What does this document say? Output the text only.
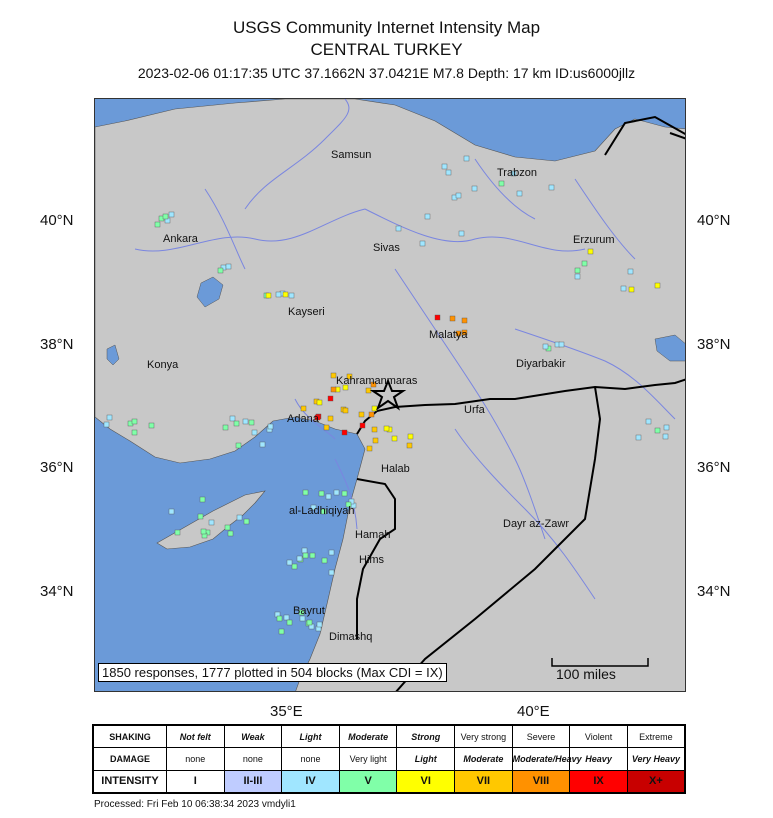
USGS Community Internet Intensity Map
CENTRAL TURKEY
2023-02-06 01:17:35 UTC 37.1662N 37.0421E M7.8 Depth: 17 km ID:us6000jllz
40°N	40°N
38°N	38°N
36°N	36°N
34°N	34°N
35°E	40°E
Samsun
Trabzon
Ankara
Sivas
Erzurum
Kayseri
Malatya
Konya	Diyarbakir
Kahramanmaras
Adana
Urfa
Halab
al-Ladhiqiyah
Hamah
Hims
Dayr az-Zawr
Bayrut
Dimashq
1850 responses, 1777 plotted in 504 blocks (Max CDI = IX)	100 miles
SHAKING	Not felt	Weak	Light	Moderate	Strong	Very strong	Severe	Violent	Extreme
DAMAGE	none	none	none	Very light	Light	Moderate	Moderate/Heavy	Heavy	Very Heavy
INTENSITY	I	II-III	IV	V	VI	VII	VIII	IX	X+
Processed: Fri Feb 10 06:38:34 2023 vmdyli1
